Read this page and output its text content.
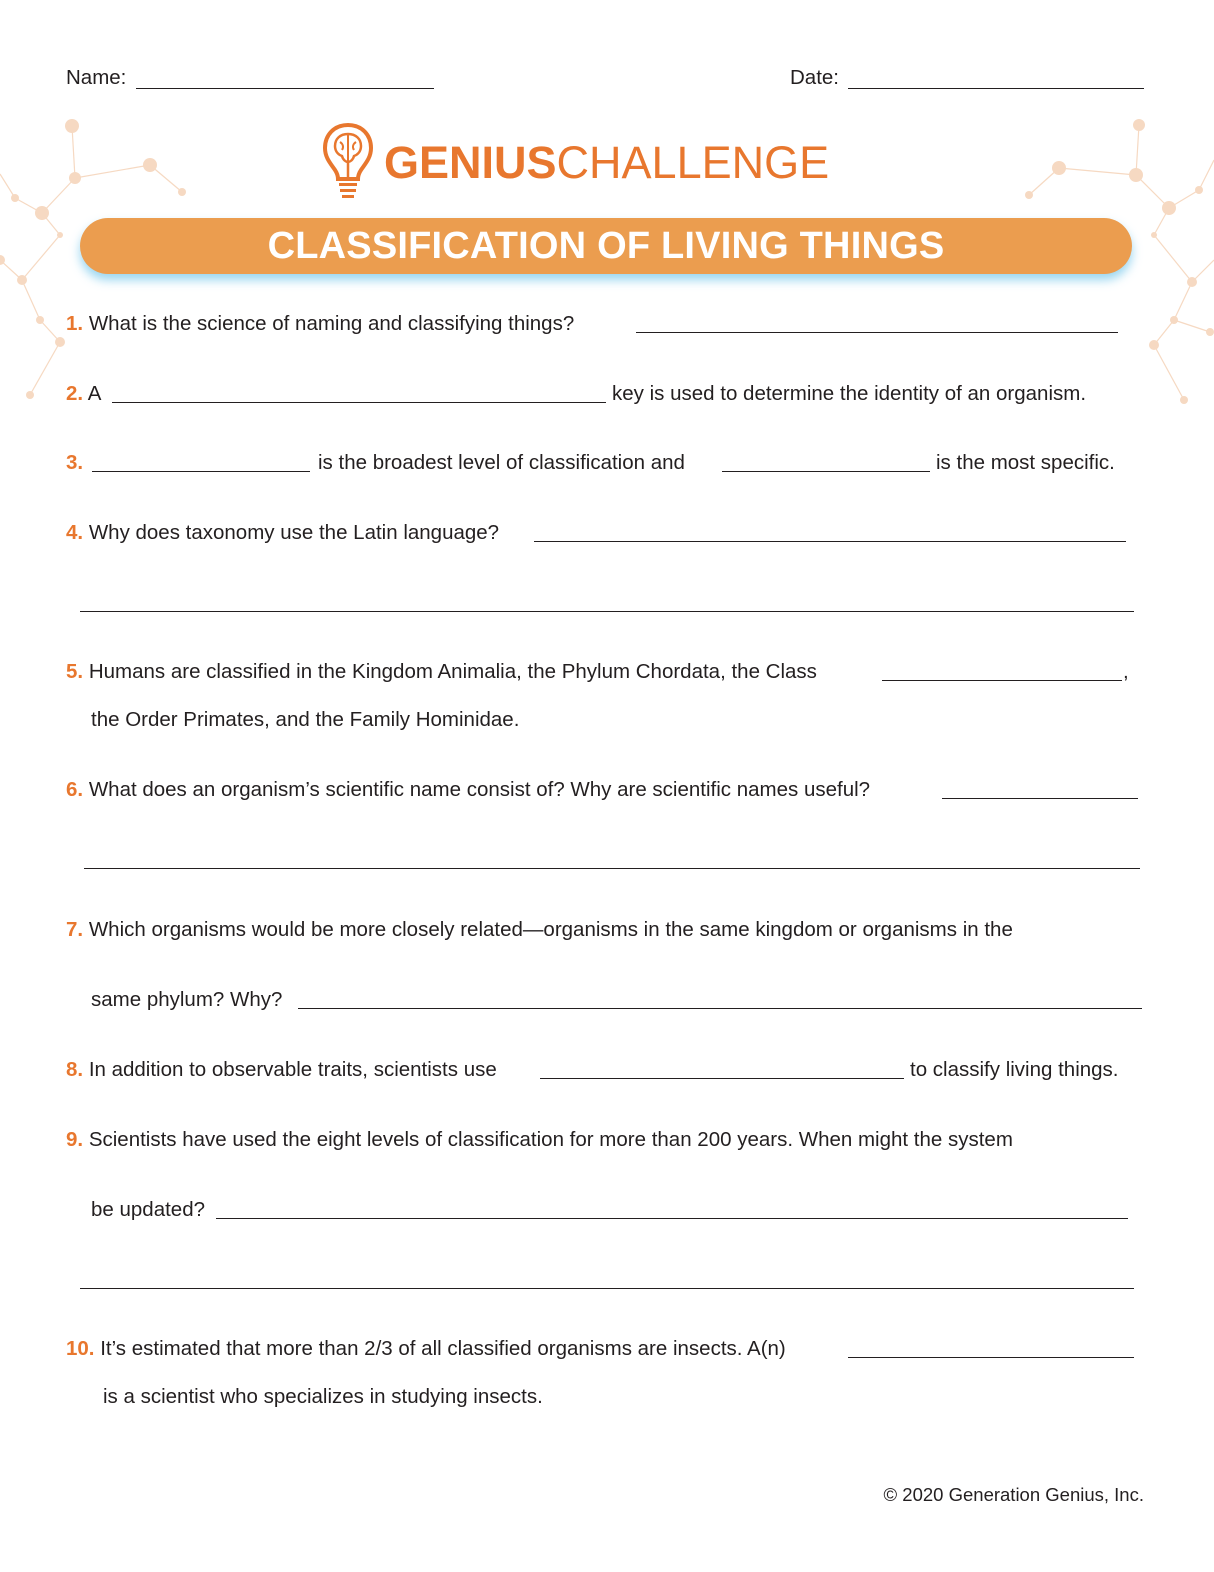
Name:	Date:
GENIUSCHALLENGE
CLASSIFICATION OF LIVING THINGS
1. What is the science of naming and classifying things?
2. A	key is used to determine the identity of an organism.
3.	is the broadest level of classification and	is the most specific.
4. Why does taxonomy use the Latin language?
5. Humans are classified in the Kingdom Animalia, the Phylum Chordata, the Class	,
the Order Primates, and the Family Hominidae.
6. What does an organism’s scientific name consist of? Why are scientific names useful?
7. Which organisms would be more closely related—organisms in the same kingdom or organisms in the
same phylum? Why?
8. In addition to observable traits, scientists use	to classify living things.
9. Scientists have used the eight levels of classification for more than 200 years. When might the system
be updated?
10. It’s estimated that more than 2/3 of all classified organisms are insects. A(n)
is a scientist who specializes in studying insects.
© 2020 Generation Genius, Inc.
